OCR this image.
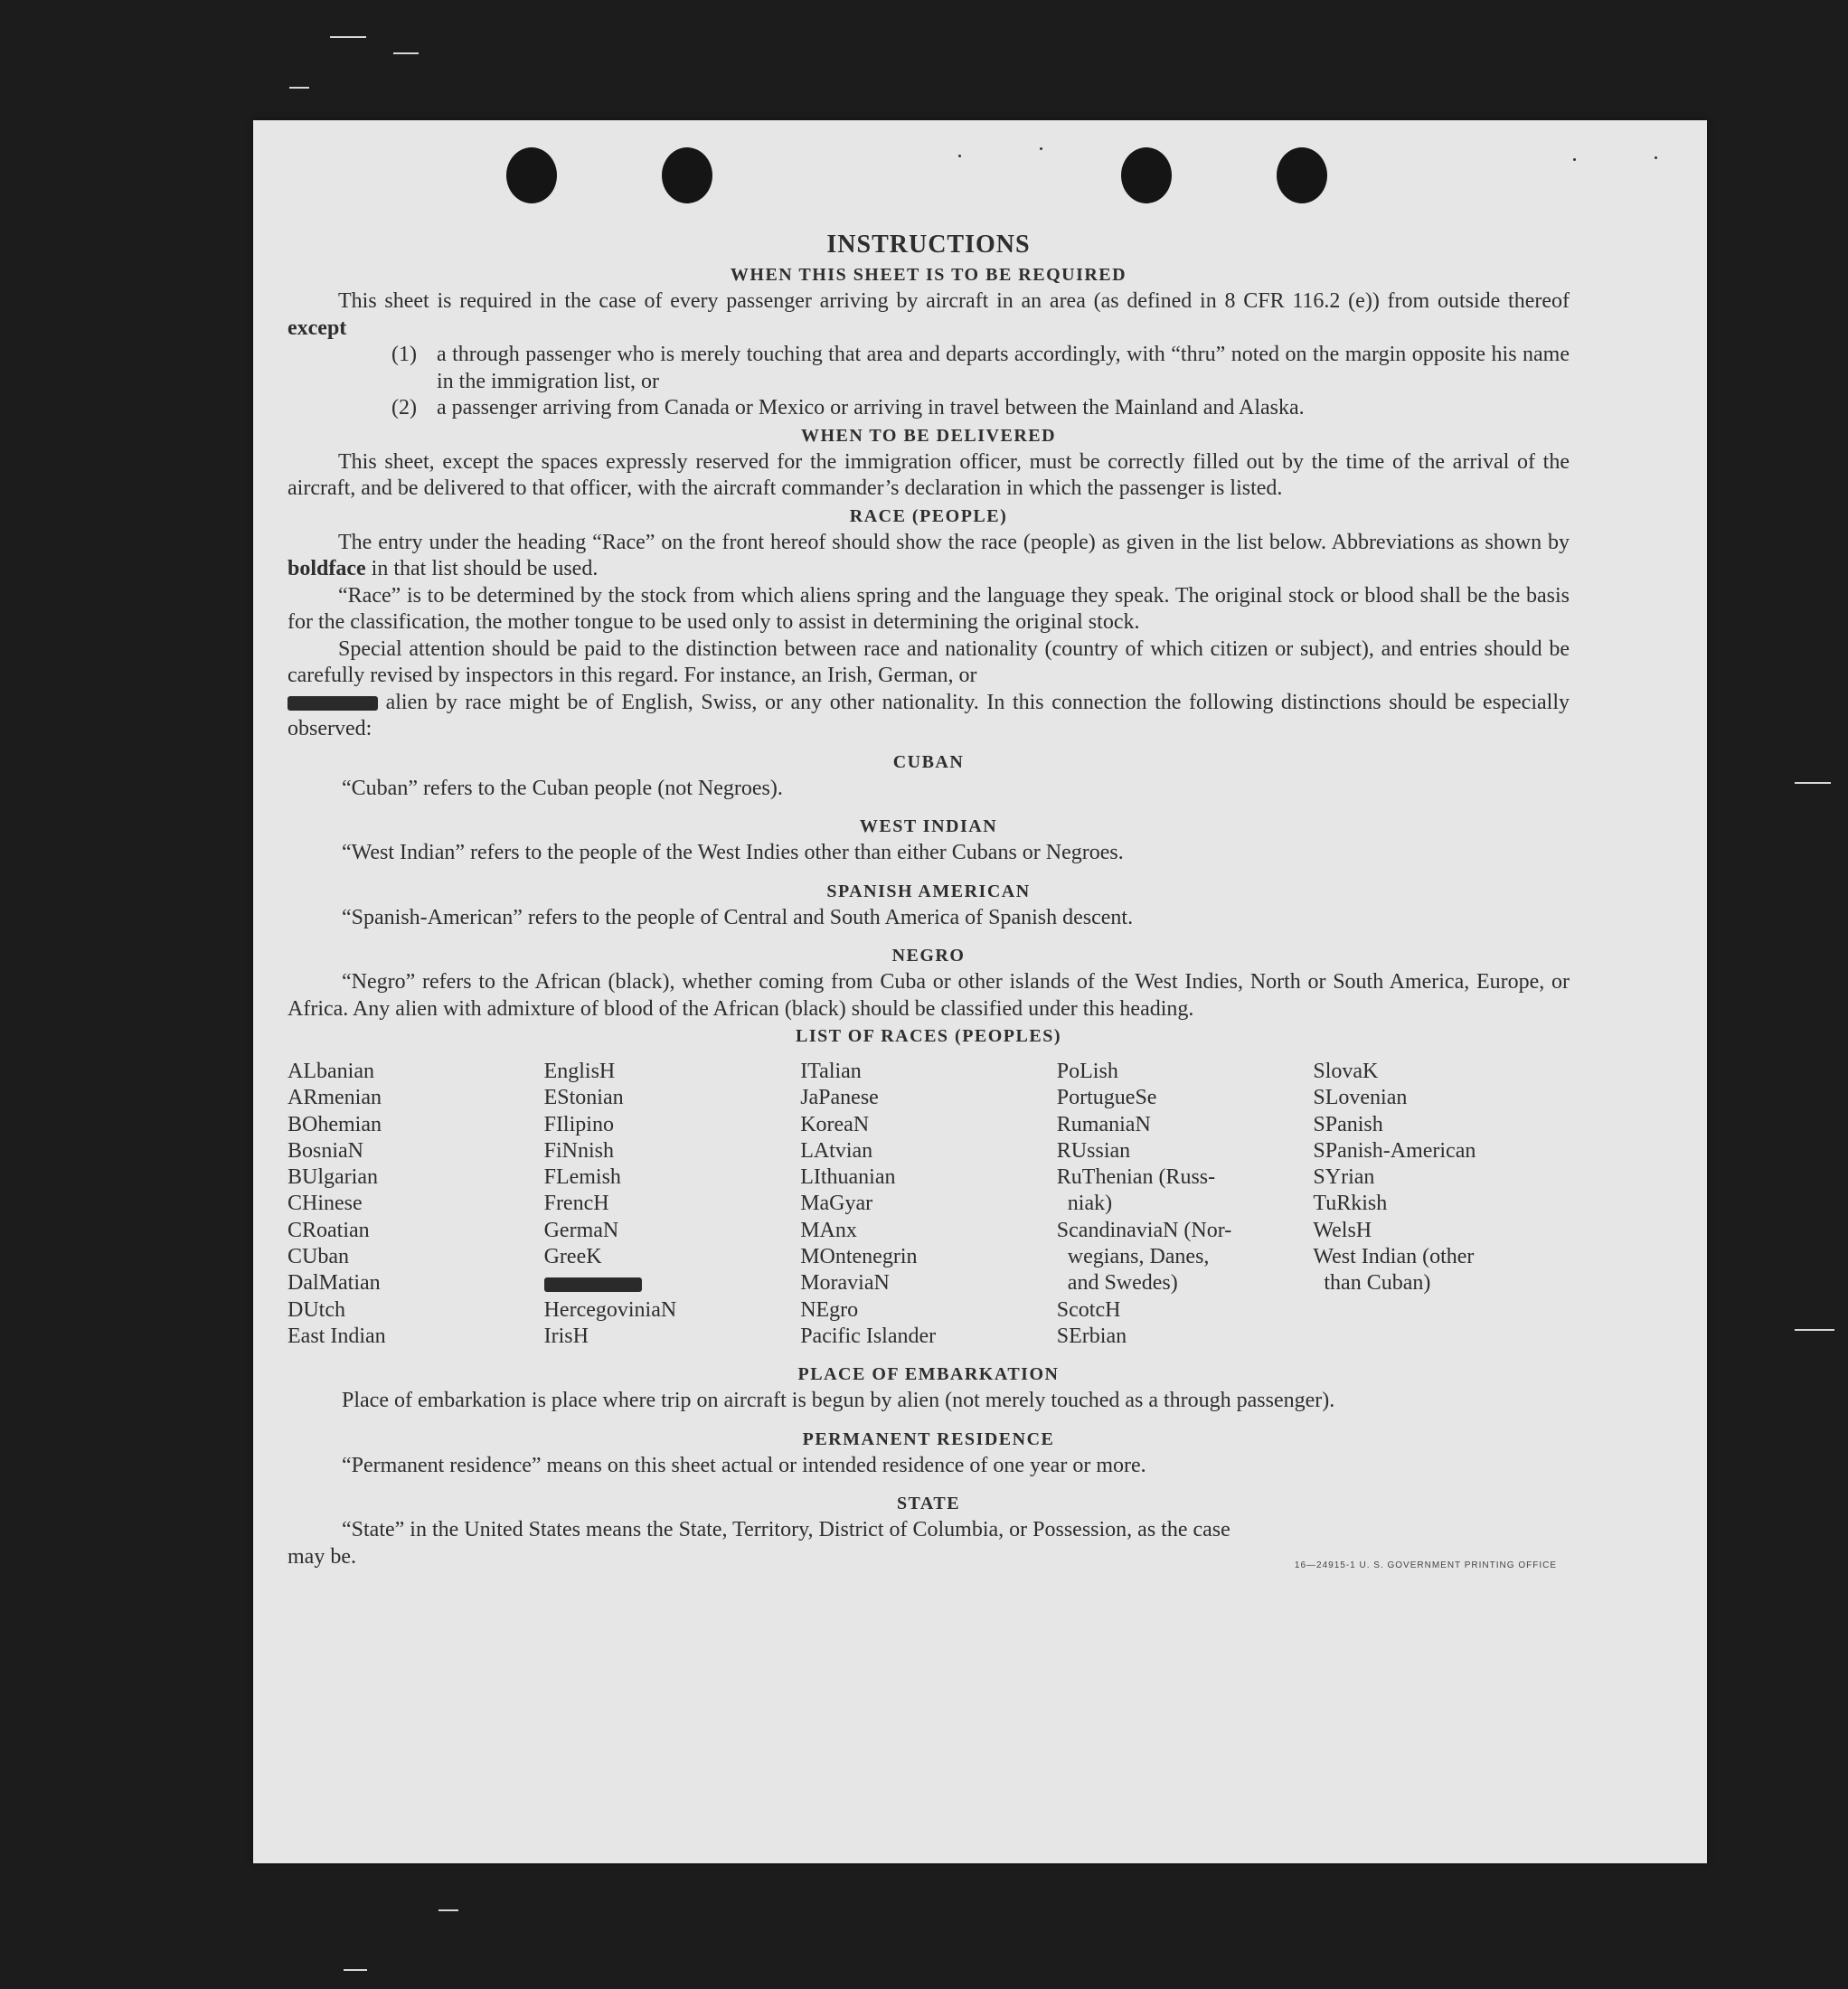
INSTRUCTIONS
WHEN THIS SHEET IS TO BE REQUIRED

This sheet is required in the case of every passenger arriving by aircraft in an area (as defined in 8 CFR 116.2 (e)) from outside thereof except

(1) a through passenger who is merely touching that area and departs accordingly, with “thru” noted on the margin opposite his name in the immigration list, or
(2) a passenger arriving from Canada or Mexico or arriving in travel between the Mainland and Alaska.
WHEN TO BE DELIVERED

This sheet, except the spaces expressly reserved for the immigration officer, must be correctly filled out by the time of the arrival of the aircraft, and be delivered to that officer, with the aircraft commander’s declaration in which the passenger is listed.

RACE (PEOPLE)

The entry under the heading “Race” on the front hereof should show the race (people) as given in the list below. Abbreviations as shown by boldface in that list should be used.

“Race” is to be determined by the stock from which aliens spring and the language they speak. The original stock or blood shall be the basis for the classification, the mother tongue to be used only to assist in determining the original stock.

Special attention should be paid to the distinction between race and nationality (country of which citizen or subject), and entries should be carefully revised by inspectors in this regard. For instance, an Irish, German, or
alien by race might be of English, Swiss, or any other nationality. In this connection the following distinctions should be especially observed:

CUBAN

“Cuban” refers to the Cuban people (not Negroes).

WEST INDIAN

“West Indian” refers to the people of the West Indies other than either Cubans or Negroes.

SPANISH AMERICAN

“Spanish-American” refers to the people of Central and South America of Spanish descent.

NEGRO

“Negro” refers to the African (black), whether coming from Cuba or other islands of the West Indies, North or South America, Europe, or Africa. Any alien with admixture of blood of the African (black) should be classified under this heading.

LIST OF RACES (PEOPLES)
ALbanian
ARmenian
BOhemian
BosniaN
BUlgarian
CHinese
CRoatian
CUban
DalMatian
DUtch
East Indian
EnglisH
EStonian
FIlipino
FiNnish
FLemish
FrencH
GermaN
GreeK
HercegoviniaN
IrisH
ITalian
JaPanese
KoreaN
LAtvian
LIthuanian
MaGyar
MAnx
MOntenegrin
MoraviaN
NEgro
Pacific Islander
PoLish
PortugueSe
RumaniaN
RUssian
RuThenian (Russ-
niak)
ScandinaviaN (Nor-
wegians, Danes,
and Swedes)
ScotcH
SErbian
SlovaK
SLovenian
SPanish
SPanish-American
SYrian
TuRkish
WelsH
West Indian (other
than Cuban)
PLACE OF EMBARKATION

Place of embarkation is place where trip on aircraft is begun by alien (not merely touched as a through passenger).

PERMANENT RESIDENCE

“Permanent residence” means on this sheet actual or intended residence of one year or more.

STATE

“State” in the United States means the State, Territory, District of Columbia, or Possession, as the case

may be.	16—24915-1 U. S. GOVERNMENT PRINTING OFFICE
